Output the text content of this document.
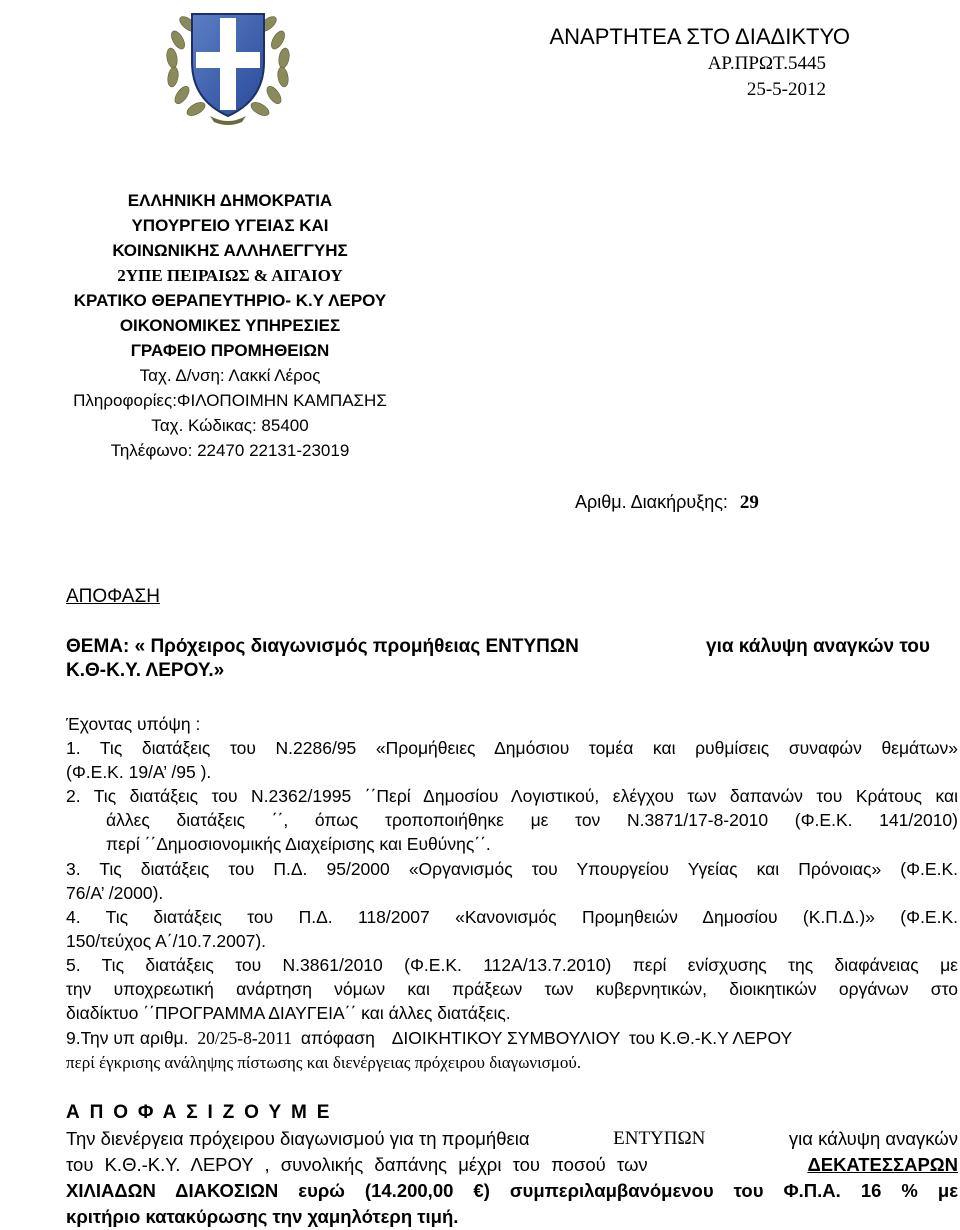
ΑΝΑΡΤΗΤΕΑ ΣΤΟ ΔΙΑΔΙΚΤΥΟ
ΑΡ.ΠΡΩΤ.5445
25-5-2012
ΕΛΛΗΝΙΚΗ ΔΗΜΟΚΡΑΤΙΑ
ΥΠΟΥΡΓΕΙΟ ΥΓΕΙΑΣ ΚΑΙ
ΚΟΙΝΩΝΙΚΗΣ ΑΛΛΗΛΕΓΓΥΗΣ
2ΥΠΕ ΠΕΙΡΑΙΩΣ & ΑΙΓΑΙΟΥ
ΚΡΑΤΙΚΟ ΘΕΡΑΠΕΥΤΗΡΙΟ- Κ.Υ ΛΕΡΟΥ
ΟΙΚΟΝΟΜΙΚΕΣ ΥΠΗΡΕΣΙΕΣ
ΓΡΑΦΕΙΟ ΠΡΟΜΗΘΕΙΩΝ
Ταχ. Δ/νση: Λακκί Λέρος
Πληροφορίες:ΦΙΛΟΠΟΙΜΗΝ ΚΑΜΠΑΣΗΣ
Ταχ. Κώδικας: 85400
Τηλέφωνο: 22470 22131-23019
Αριθμ. Διακήρυξης: 29
ΑΠΟΦΑΣΗ
ΘΕΜΑ: « Πρόχειρος διαγωνισμός προμήθειας ΕΝΤΥΠΩΝ	για κάλυψη αναγκών του
Κ.Θ-Κ.Υ. ΛΕΡΟΥ.»
Έχοντας υπόψη :
1. Τις διατάξεις του Ν.2286/95 «Προμήθειες Δημόσιου τομέα και ρυθμίσεις συναφών θεμάτων»
(Φ.Ε.Κ. 19/Α’ /95 ).
2. Τις διατάξεις του Ν.2362/1995 ΄΄Περί Δημοσίου Λογιστικού, ελέγχου των δαπανών του Κράτους και
άλλες διατάξεις ΄΄, όπως τροποποιήθηκε με τον Ν.3871/17-8-2010 (Φ.Ε.Κ. 141/2010)
περί ΄΄Δημοσιονομικής Διαχείρισης και Ευθύνης΄΄.
3. Τις διατάξεις του Π.Δ. 95/2000 «Οργανισμός του Υπουργείου Υγείας και Πρόνοιας» (Φ.Ε.Κ.
76/Α’ /2000).
4. Τις διατάξεις του Π.Δ. 118/2007 «Κανονισμός Προμηθειών Δημοσίου (Κ.Π.Δ.)» (Φ.Ε.Κ.
150/τεύχος Α΄/10.7.2007).
5. Τις διατάξεις του Ν.3861/2010 (Φ.Ε.Κ. 112Α/13.7.2010) περί ενίσχυσης της διαφάνειας με
την υποχρεωτική ανάρτηση νόμων και πράξεων των κυβερνητικών, διοικητικών οργάνων στο
διαδίκτυο ΄΄ΠΡΟΓΡΑΜΜΑ ΔΙΑΥΓΕΙΑ΄΄ και άλλες διατάξεις.
9.Την υπ αριθμ. 20/25-8-2011 απόφαση ΔΙΟΙΚΗΤΙΚΟΥ ΣΥΜΒΟΥΛΙΟΥ του Κ.Θ.-Κ.Υ ΛΕΡΟΥ
περί έγκρισης ανάληψης πίστωσης και διενέργειας πρόχειρου διαγωνισμού.
Α Π Ο Φ Α Σ Ι Ζ Ο Υ Μ Ε
Την διενέργεια πρόχειρου διαγωνισμού για τη προμήθεια	ΕΝΤΥΠΩΝ	για κάλυψη αναγκών
του Κ.Θ.-Κ.Υ. ΛΕΡΟΥ , συνολικής δαπάνης μέχρι του ποσού των	ΔΕΚΑΤΕΣΣΑΡΩΝ
ΧΙΛΙΑΔΩΝ ΔΙΑΚΟΣΙΩΝ ευρώ (14.200,00 €) συμπεριλαμβανόμενου του Φ.Π.Α. 16 % με
κριτήριο κατακύρωσης την χαμηλότερη τιμή.
